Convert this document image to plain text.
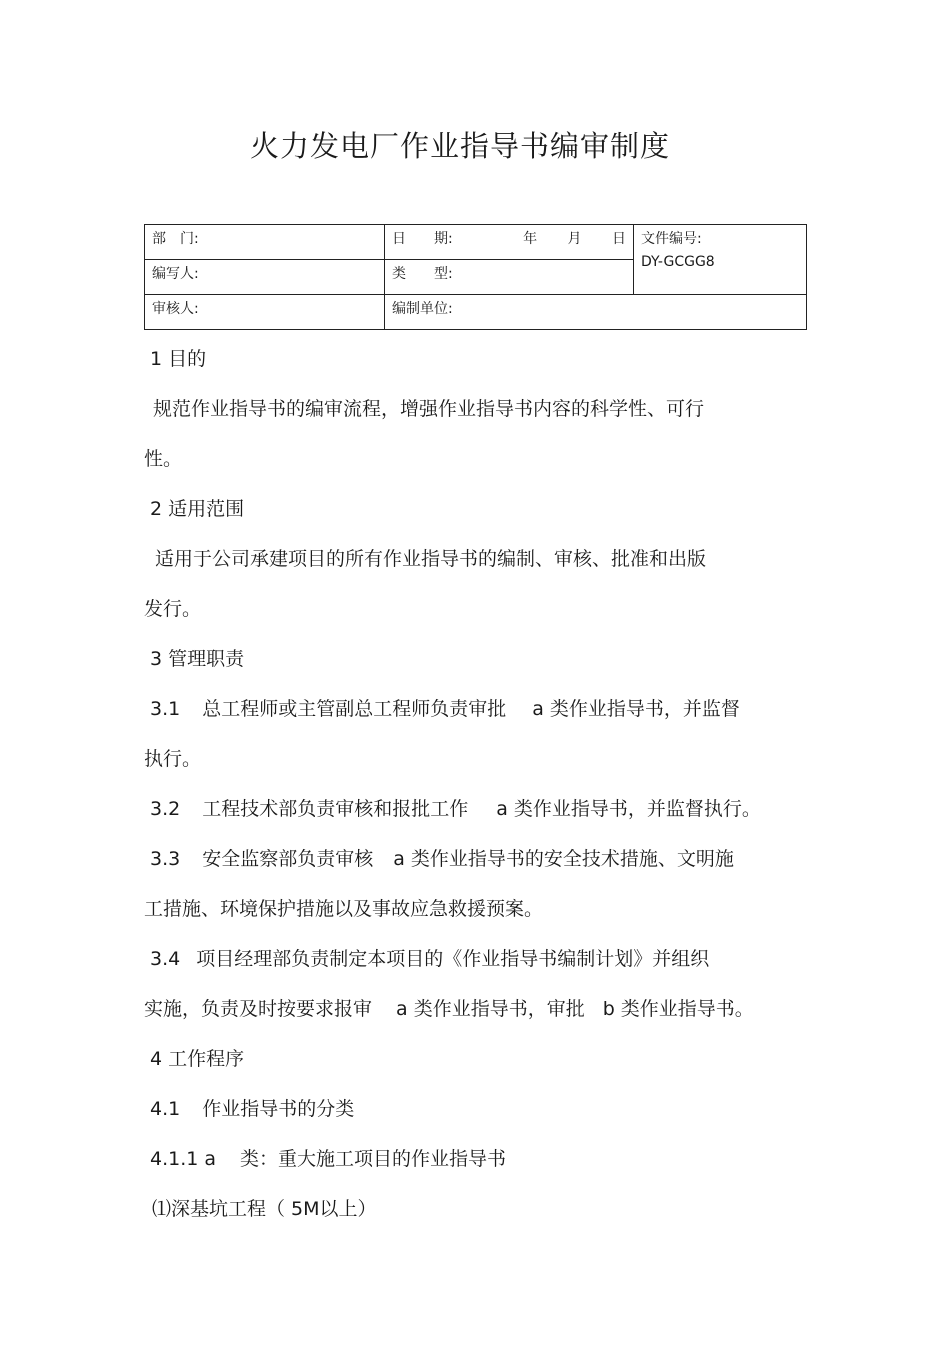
火力发电厂作业指导书编审制度
部　门:	日　　期: 年 月 日	文件编号:
DY-GCGG8

编写人:	类　　型:	
审核人:	编制单位:	
1 目的
规范作业指导书的编审流程，增强作业指导书内容的科学性、可行
性。
2 适用范围
适用于公司承建项目的所有作业指导书的编制、审核、批准和出版
发行。
3 管理职责
3.1 总工程师或主管副总工程师负责审批 a 类作业指导书，并监督
执行。
3.2 工程技术部负责审核和报批工作 a 类作业指导书，并监督执行。
3.3 安全监察部负责审核 a 类作业指导书的安全技术措施、文明施
工措施、环境保护措施以及事故应急救援预案。
3.4 项目经理部负责制定本项目的《作业指导书编制计划》并组织
实施，负责及时按要求报审 a 类作业指导书，审批 b 类作业指导书。
4 工作程序
4.1 作业指导书的分类
4.1.1 a 类：重大施工项目的作业指导书
⑴深基坑工程（ 5M以上）
